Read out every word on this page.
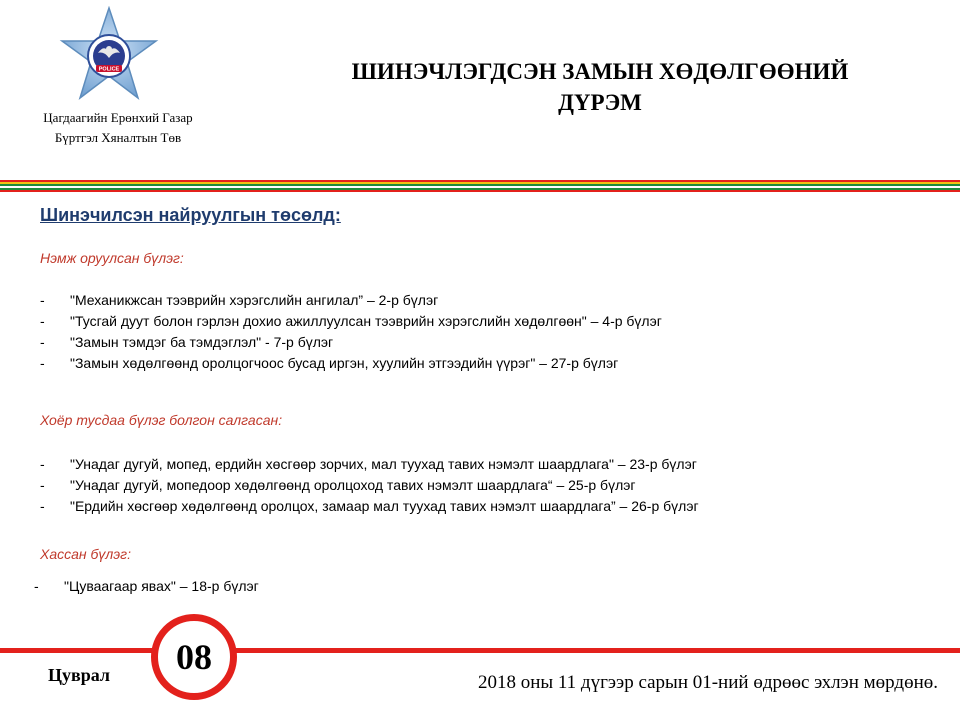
POLICE
Цагдаагийн Ерөнхий Газар
Бүртгэл Хяналтын Төв
ШИНЭЧЛЭГДСЭН ЗАМЫН ХӨДӨЛГӨӨНИЙ
ДҮРЭМ
Шинэчилсэн найруулгын төсөлд:
Нэмж оруулсан бүлэг:
- "Механикжсан тээврийн хэрэгслийн ангилал” – 2-р бүлэг
- "Тусгай дуут болон гэрлэн дохио ажиллуулсан тээврийн хэрэгслийн хөдөлгөөн" – 4-р бүлэг
- "Замын тэмдэг ба тэмдэглэл" - 7-р бүлэг
- "Замын хөдөлгөөнд оролцогчоос бусад иргэн, хуулийн этгээдийн үүрэг" – 27-р бүлэг
Хоёр тусдаа бүлэг болгон салгасан:
- "Унадаг дугуй, мопед, ердийн хөсгөөр зорчих, мал туухад тавих нэмэлт шаардлага" – 23-р бүлэг
- "Унадаг дугуй, мопедоор хөдөлгөөнд оролцоход тавих нэмэлт шаардлага“ – 25-р бүлэг
- "Ердийн хөсгөөр хөдөлгөөнд оролцох, замаар мал туухад тавих нэмэлт шаардлага” – 26-р бүлэг
Хассан бүлэг:
- "Цуваагаар явах" – 18-р бүлэг
08
Цуврал	2018 оны 11 дүгээр сарын 01-ний өдрөөс эхлэн мөрдөнө.
